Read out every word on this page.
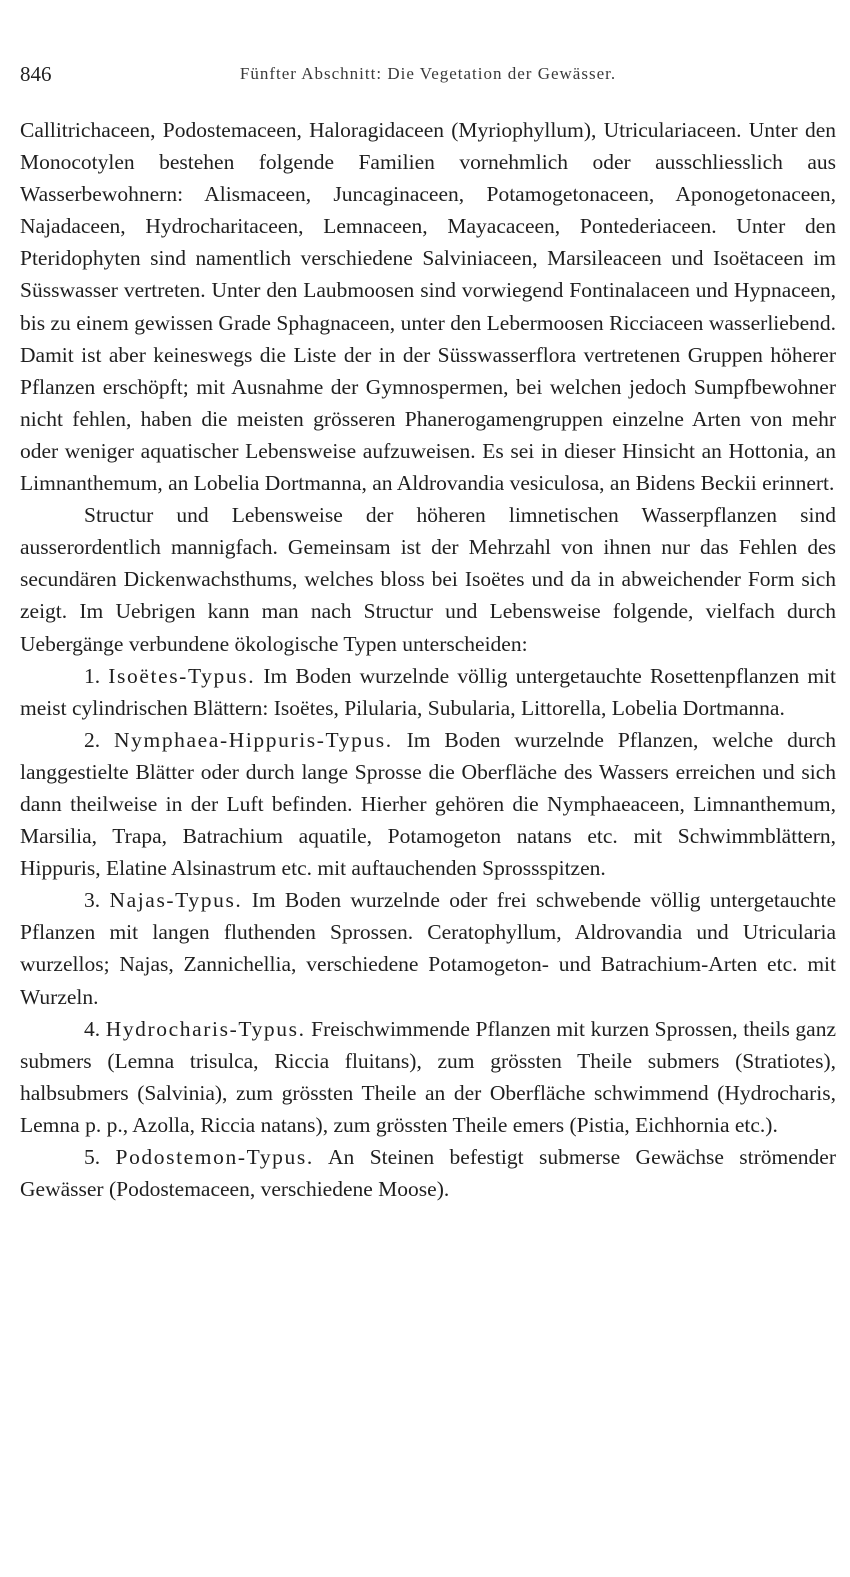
846	Fünfter Abschnitt: Die Vegetation der Gewässer.

Callitrichaceen, Podostemaceen, Haloragidaceen (Myriophyllum), Utriculariaceen. Unter den Monocotylen bestehen folgende Familien vornehmlich oder ausschliesslich aus Wasserbewohnern: Alismaceen, Juncaginaceen, Potamogetonaceen, Aponogetonaceen, Najadaceen, Hydrocharitaceen, Lemnaceen, Mayacaceen, Pontederiaceen. Unter den Pteridophyten sind namentlich verschiedene Salviniaceen, Marsileaceen und Isoëtaceen im Süsswasser vertreten. Unter den Laubmoosen sind vorwiegend Fontinalaceen und Hypnaceen, bis zu einem gewissen Grade Sphagnaceen, unter den Lebermoosen Ricciaceen wasserliebend. Damit ist aber keineswegs die Liste der in der Süsswasserflora vertretenen Gruppen höherer Pflanzen erschöpft; mit Ausnahme der Gymnospermen, bei welchen jedoch Sumpfbewohner nicht fehlen, haben die meisten grösseren Phanerogamengruppen einzelne Arten von mehr oder weniger aquatischer Lebensweise aufzuweisen. Es sei in dieser Hinsicht an Hottonia, an Limnanthemum, an Lobelia Dortmanna, an Aldrovandia vesiculosa, an Bidens Beckii erinnert.

Structur und Lebensweise der höheren limnetischen Wasserpflanzen sind ausserordentlich mannigfach. Gemeinsam ist der Mehrzahl von ihnen nur das Fehlen des secundären Dickenwachsthums, welches bloss bei Isoëtes und da in abweichender Form sich zeigt. Im Uebrigen kann man nach Structur und Lebensweise folgende, vielfach durch Uebergänge verbundene ökologische Typen unterscheiden:

1. Isoëtes-Typus. Im Boden wurzelnde völlig untergetauchte Rosettenpflanzen mit meist cylindrischen Blättern: Isoëtes, Pilularia, Subularia, Littorella, Lobelia Dortmanna.

2. Nymphaea-Hippuris-Typus. Im Boden wurzelnde Pflanzen, welche durch langgestielte Blätter oder durch lange Sprosse die Oberfläche des Wassers erreichen und sich dann theilweise in der Luft befinden. Hierher gehören die Nymphaeaceen, Limnanthemum, Marsilia, Trapa, Batrachium aquatile, Potamogeton natans etc. mit Schwimmblättern, Hippuris, Elatine Alsinastrum etc. mit auftauchenden Sprossspitzen.

3. Najas-Typus. Im Boden wurzelnde oder frei schwebende völlig untergetauchte Pflanzen mit langen fluthenden Sprossen. Ceratophyllum, Aldrovandia und Utricularia wurzellos; Najas, Zannichellia, verschiedene Potamogeton- und Batrachium-Arten etc. mit Wurzeln.

4. Hydrocharis-Typus. Freischwimmende Pflanzen mit kurzen Sprossen, theils ganz submers (Lemna trisulca, Riccia fluitans), zum grössten Theile submers (Stratiotes), halbsubmers (Salvinia), zum grössten Theile an der Oberfläche schwimmend (Hydrocharis, Lemna p. p., Azolla, Riccia natans), zum grössten Theile emers (Pistia, Eichhornia etc.).

5. Podostemon-Typus. An Steinen befestigt submerse Gewächse strömender Gewässer (Podostemaceen, verschiedene Moose).
